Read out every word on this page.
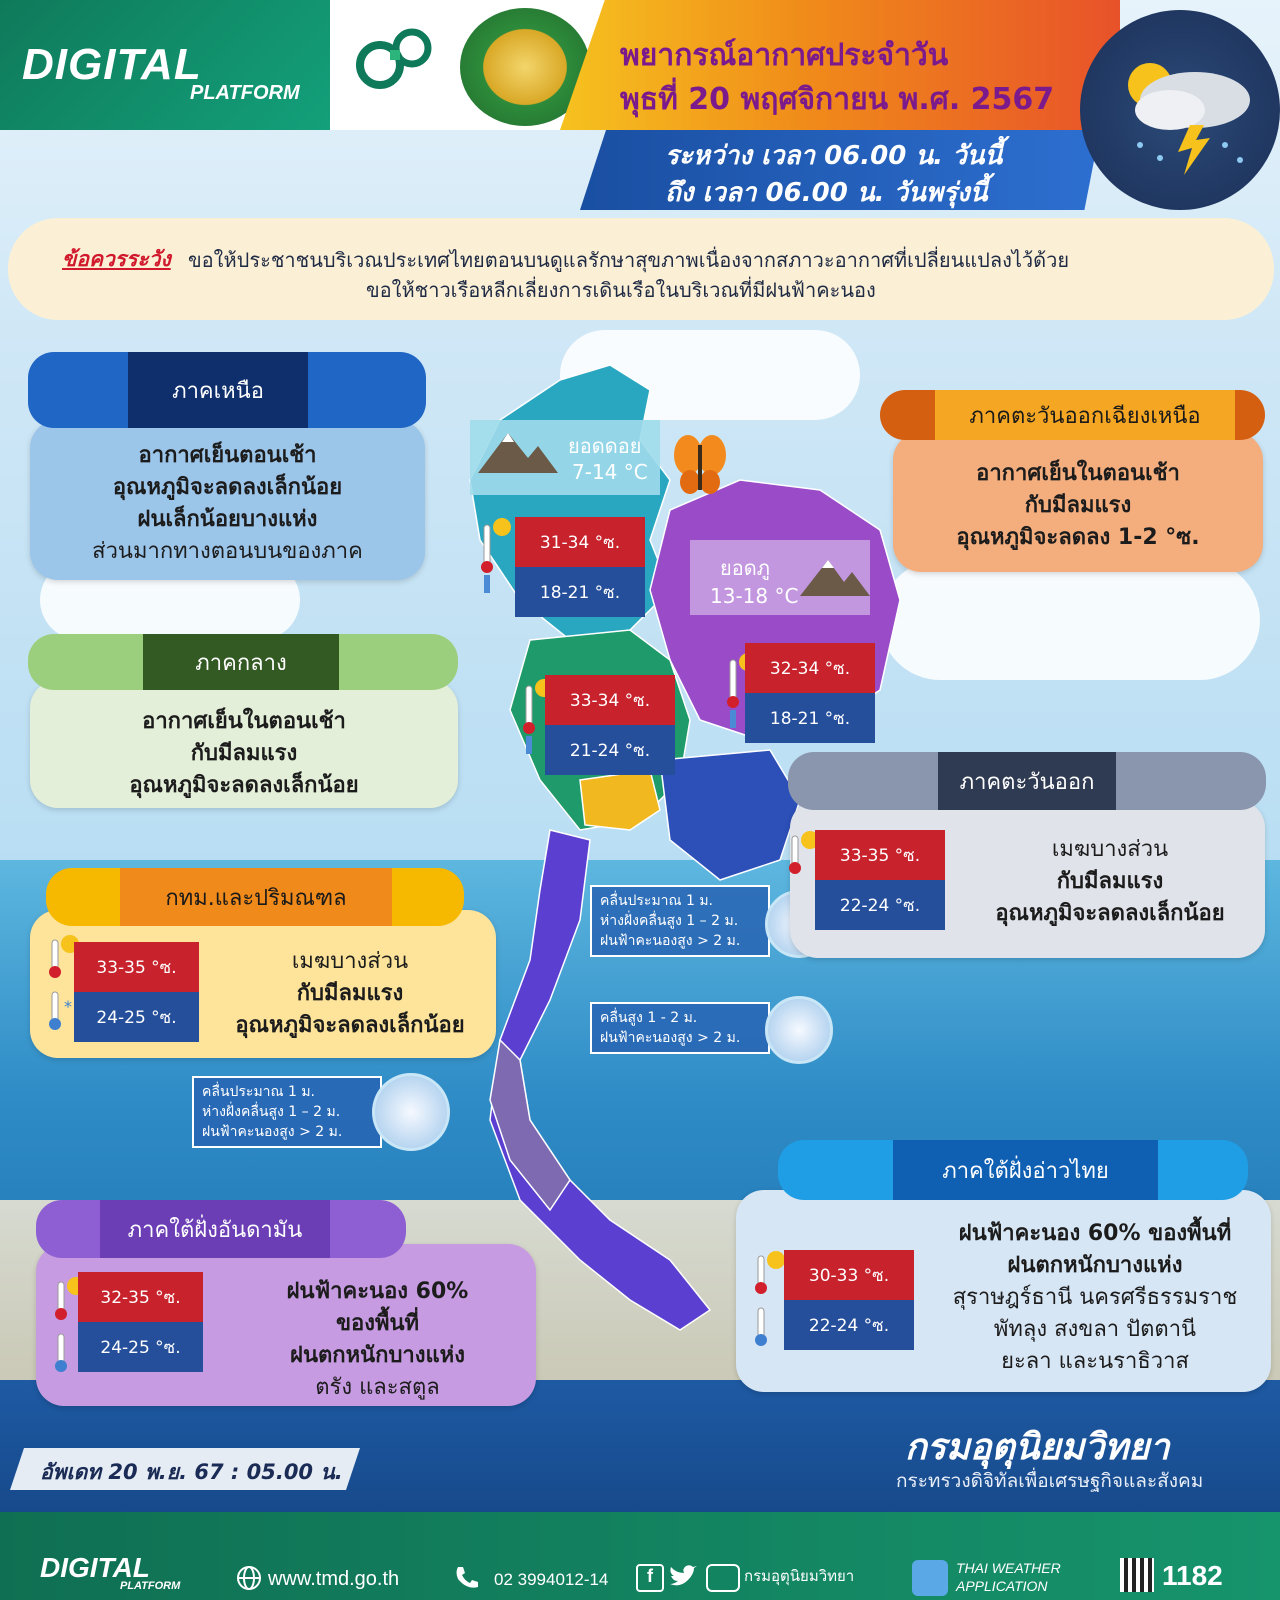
DIGITAL
PLATFORM
พยากรณ์อากาศประจำวัน
พุธที่ 20 พฤศจิกายน พ.ศ. 2567
ระหว่าง เวลา 06.00 น. วันนี้
ถึง เวลา 06.00 น. วันพรุ่งนี้
ข้อควรระวัง ขอให้ประชาชนบริเวณประเทศไทยตอนบนดูแลรักษาสุขภาพเนื่องจากสภาวะอากาศที่เปลี่ยนแปลงไว้ด้วย
ขอให้ชาวเรือหลีกเลี่ยงการเดินเรือในบริเวณที่มีฝนฟ้าคะนอง
ยอดดอย
7-14 °C
ยอดภู
13-18 °C
31-34 °ซ.
18-21 °ซ.
32-34 °ซ.
18-21 °ซ.
33-34 °ซ.
21-24 °ซ.
คลื่นประมาณ 1 ม.
ห่างฝั่งคลื่นสูง 1 – 2 ม.
ฝนฟ้าคะนองสูง > 2 ม.
คลื่นสูง 1 - 2 ม.
ฝนฟ้าคะนองสูง > 2 ม.
คลื่นประมาณ 1 ม.
ห่างฝั่งคลื่นสูง 1 – 2 ม.
ฝนฟ้าคะนองสูง > 2 ม.
ภาคเหนือ
อากาศเย็นตอนเช้า
อุณหภูมิจะลดลงเล็กน้อย
ฝนเล็กน้อยบางแห่ง
ส่วนมากทางตอนบนของภาค
ภาคตะวันออกเฉียงเหนือ
อากาศเย็นในตอนเช้า
กับมีลมแรง
อุณหภูมิจะลดลง 1-2 °ซ.
ภาคกลาง
อากาศเย็นในตอนเช้า
กับมีลมแรง
อุณหภูมิจะลดลงเล็กน้อย	ภาคตะวันออก
33-35 °ซ.
22-24 °ซ.
เมฆบางส่วน
กับมีลมแรง
อุณหภูมิจะลดลงเล็กน้อย
กทม.และปริมณฑล
*
33-35 °ซ.
24-25 °ซ.
เมฆบางส่วน
กับมีลมแรง
อุณหภูมิจะลดลงเล็กน้อย
ภาคใต้ฝั่งอ่าวไทย
30-33 °ซ.
22-24 °ซ.
ฝนฟ้าคะนอง 60% ของพื้นที่
ฝนตกหนักบางแห่ง
สุราษฎร์ธานี นครศรีธรรมราช
พัทลุง สงขลา ปัตตานี
ยะลา และนราธิวาส
ภาคใต้ฝั่งอันดามัน
32-35 °ซ.
24-25 °ซ.
ฝนฟ้าคะนอง 60%
ของพื้นที่
ฝนตกหนักบางแห่ง
ตรัง และสตูล
อัพเดท 20 พ.ย. 67 : 05.00 น.
กรมอุตุนิยมวิทยา
กระทรวงดิจิทัลเพื่อเศรษฐกิจและสังคม
DIGITAL
PLATFORM	www.tmd.go.th	02 3994012-14	f	กรมอุตุนิยมวิทยา	THAI WEATHER
APPLICATION	1182
